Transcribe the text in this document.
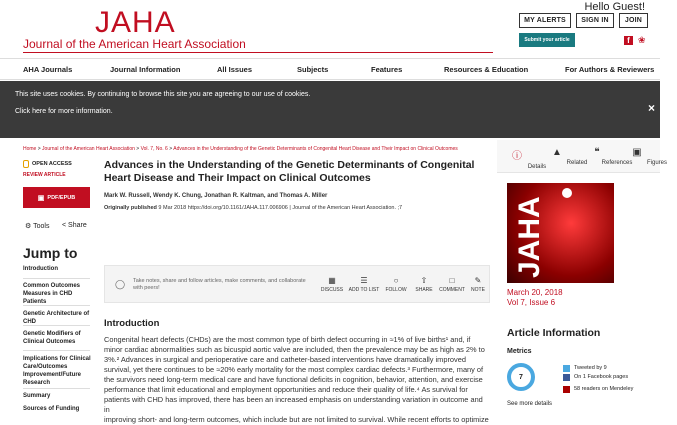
JAHA
Journal of the American Heart Association
Hello Guest!
MY ALERTS	SIGN IN	JOIN
Submit your article	f ❀
AHA Journals	Journal Information	All Issues	Subjects	Features	Resources & Education	For Authors & Reviewers
This site uses cookies. By continuing to browse this site you are agreeing to our use of cookies.
Click here for more information.	×
Home > Journal of the American Heart Association > Vol. 7, No. 6 > Advances in the Understanding of the Genetic Determinants of Congenital Heart Disease and Their Impact on Clinical Outcomes
OPEN ACCESS
REVIEW ARTICLE
▣ PDF/EPUB
⚙ Tools < Share
Jump to
Introduction
Common Outcomes Measures in CHD Patients
Genetic Architecture of CHD
Genetic Modifiers of Clinical Outcomes
Implications for Clinical Care/Outcomes Improvement/Future Research
Summary
Sources of Funding
Advances in the Understanding of the Genetic Determinants of Congenital Heart Disease and Their Impact on Clinical Outcomes
Mark W. Russell, Wendy K. Chung, Jonathan R. Kaltman, and Thomas A. Miller
Originally published 9 Mar 2018 https://doi.org/10.1161/JAHA.117.006906 | Journal of the American Heart Association. ;7
◯ Take notes, share and follow articles, make comments, and collaborate with peers!
▦
DISCUSS
☰
ADD TO LIST
○
FOLLOW
⇧
SHARE
□
COMMENT
✎
NOTE
Introduction
Congenital heart defects (CHDs) are the most common type of birth defect occurring in ≈1% of live births¹ and, if
minor cardiac abnormalities such as bicuspid aortic valve are included, then the prevalence may be as high as 2% to
3%.² Advances in surgical and perioperative care and catheter-based interventions have dramatically improved
survival, yet there continues to be ≈20% early mortality for the most complex cardiac defects.³ Furthermore, many of
the survivors need long-term medical care and have functional deficits in cognition, behavior, attention, and exercise
performance that limit educational and employment opportunities and reduce their quality of life.⁴ As survival for
patients with CHD has improved, there has been an increased emphasis on understanding variation in outcome and in
improving short- and long-term outcomes, which include but are not limited to survival. While recent efforts to optimize
ⓘ
Details
▲
Related
❝
References
▣
Figures
JAHA
March 20, 2018
Vol 7, Issue 6
Article Information
Metrics
7
Tweeted by 9
On 1 Facebook pages
58 readers on Mendeley
See more details
